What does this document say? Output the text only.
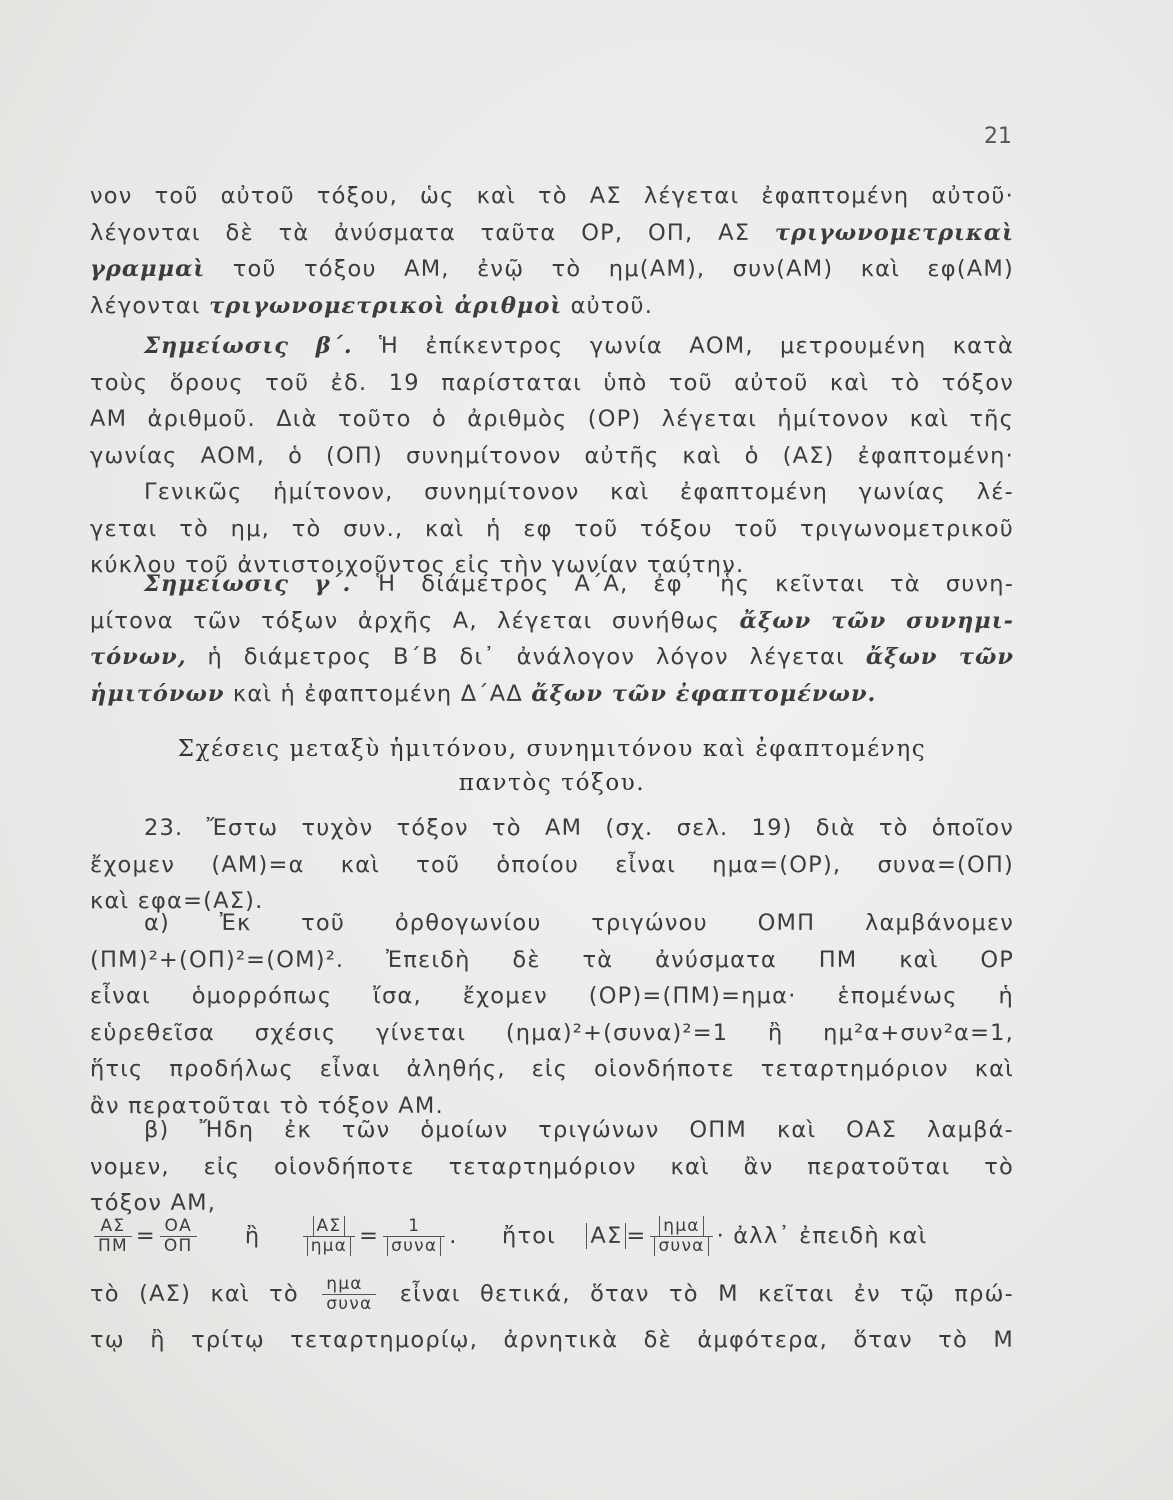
21
νον τοῦ αὐτοῦ τόξου, ὡς καὶ τὸ ΑΣ λέγεται ἐφαπτομένη αὐτοῦ·
λέγονται δὲ τὰ ἀνύσματα ταῦτα ΟΡ, ΟΠ, ΑΣ τριγωνομετρικαὶ
γραμμαὶ τοῦ τόξου ΑΜ, ἐνῷ τὸ ημ(ΑΜ), συν(ΑΜ) καὶ εφ(ΑΜ)
λέγονται τριγωνομετρικοὶ ἀριθμοὶ αὐτοῦ.
Σημείωσις β΄. Ἡ ἐπίκεντρος γωνία ΑΟΜ, μετρουμένη κατὰ
τοὺς ὅρους τοῦ ἐδ. 19 παρίσταται ὑπὸ τοῦ αὐτοῦ καὶ τὸ τόξον
ΑΜ ἀριθμοῦ. Διὰ τοῦτο ὁ ἀριθμὸς (ΟΡ) λέγεται ἡμίτονον καὶ τῆς
γωνίας ΑΟΜ, ὁ (ΟΠ) συνημίτονον αὐτῆς καὶ ὁ (ΑΣ) ἐφαπτομένη·
Γενικῶς ἡμίτονον, συνημίτονον καὶ ἐφαπτομένη γωνίας λέ-
γεται τὸ ημ, τὸ συν., καὶ ἡ εφ τοῦ τόξου τοῦ τριγωνομετρικοῦ
κύκλου τοῦ ἀντιστοιχοῦντος εἰς τὴν γωνίαν ταύτην.
Σημείωσις γ΄. Ἡ διάμετρος Α΄Α, ἐφ᾽ ἧς κεῖνται τὰ συνη-
μίτονα τῶν τόξων ἀρχῆς Α, λέγεται συνήθως ἄξων τῶν συνημι-
τόνων, ἡ διάμετρος Β΄Β δι᾽ ἀνάλογον λόγον λέγεται ἄξων τῶν
ἡμιτόνων καὶ ἡ ἐφαπτομένη Δ΄ΑΔ ἄξων τῶν ἐφαπτομένων.
Σχέσεις μεταξὺ ἡμιτόνου, συνημιτόνου καὶ ἐφαπτομένης
παντὸς τόξου.
23. Ἔστω τυχὸν τόξον τὸ ΑΜ (σχ. σελ. 19) διὰ τὸ ὁποῖον
ἔχομεν (ΑΜ)=α καὶ τοῦ ὁποίου εἶναι ημα=(ΟΡ), συνα=(ΟΠ)
καὶ εφα=(ΑΣ).
α) Ἐκ τοῦ ὀρθογωνίου τριγώνου ΟΜΠ λαμβάνομεν
(ΠΜ)²+(ΟΠ)²=(ΟΜ)². Ἐπειδὴ δὲ τὰ ἀνύσματα ΠΜ καὶ ΟΡ
εἶναι ὁμορρόπως ἴσα, ἔχομεν (ΟΡ)=(ΠΜ)=ημα· ἑπομένως ἡ
εὑρεθεῖσα σχέσις γίνεται (ημα)²+(συνα)²=1 ἢ ημ²α+συν²α=1,
ἥτις προδήλως εἶναι ἀληθής, εἰς οἱονδήποτε τεταρτημόριον καὶ
ἂν περατοῦται τὸ τόξον ΑΜ.
β) Ἤδη ἐκ τῶν ὁμοίων τριγώνων ΟΠΜ καὶ ΟΑΣ λαμβά-
νομεν, εἰς οἱονδήποτε τεταρτημόριον καὶ ἂν περατοῦται τὸ
τόξον ΑΜ,
$\frac{A\Sigma}{\Pi M} = \frac{OA}{O\Pi}$ ἢ $\frac{A\Sigma}{\text{ημα}} = \frac{1}{\text{συνα}}$ . ἤτοι $A\Sigma = \frac{\text{ημα}}{\text{συνα}}$ · ἀλλ᾽ ἐπειδὴ καὶ
τὸ (ΑΣ) καὶ τὸ $\frac{\text{ημα}}{\text{συνα}}$ εἶναι θετικά, ὅταν τὸ Μ κεῖται ἐν τῷ πρώ-
τῳ ἢ τρίτῳ τεταρτημορίῳ, ἀρνητικὰ δὲ ἀμφότερα, ὅταν τὸ Μ
